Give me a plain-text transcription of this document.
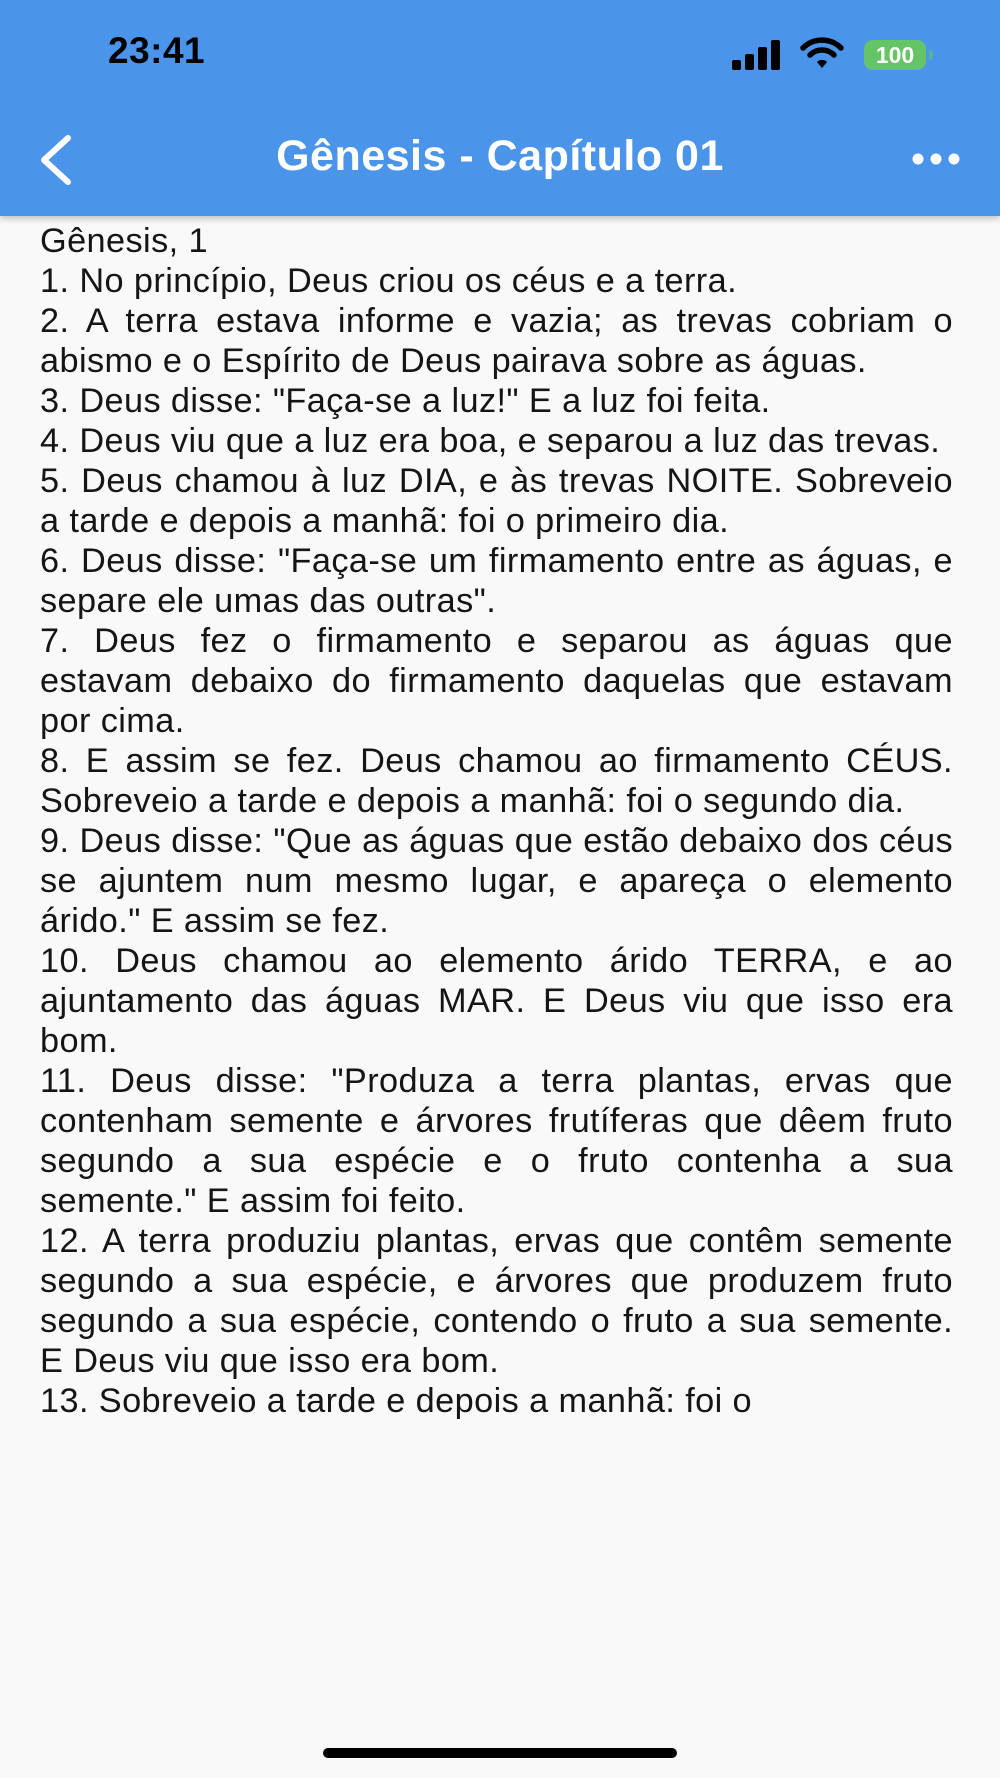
23:41	100
Gênesis - Capítulo 01

Gênesis, 1

1. No princípio, Deus criou os céus e a terra.

2. A terra estava informe e vazia; as trevas cobriam o abismo e o Espírito de Deus pairava sobre as águas.

3. Deus disse: "Faça-se a luz!" E a luz foi feita.

4. Deus viu que a luz era boa, e separou a luz das trevas.

5. Deus chamou à luz DIA, e às trevas NOITE. Sobreveio a tarde e depois a manhã: foi o primeiro dia.

6. Deus disse: "Faça-se um firmamento entre as águas, e separe ele umas das outras".

7. Deus fez o firmamento e separou as águas que estavam debaixo do firmamento daquelas que estavam por cima.

8. E assim se fez. Deus chamou ao firmamento CÉUS. Sobreveio a tarde e depois a manhã: foi o segundo dia.

9. Deus disse: "Que as águas que estão debaixo dos céus se ajuntem num mesmo lugar, e apareça o elemento árido." E assim se fez.

10. Deus chamou ao elemento árido TERRA, e ao ajuntamento das águas MAR. E Deus viu que isso era bom.

11. Deus disse: "Produza a terra plantas, ervas que contenham semente e árvores frutíferas que dêem fruto segundo a sua espécie e o fruto contenha a sua semente." E assim foi feito.

12. A terra produziu plantas, ervas que contêm semente segundo a sua espécie, e árvores que produzem fruto segundo a sua espécie, contendo o fruto a sua semente. E Deus viu que isso era bom.

13. Sobreveio a tarde e depois a manhã: foi o
